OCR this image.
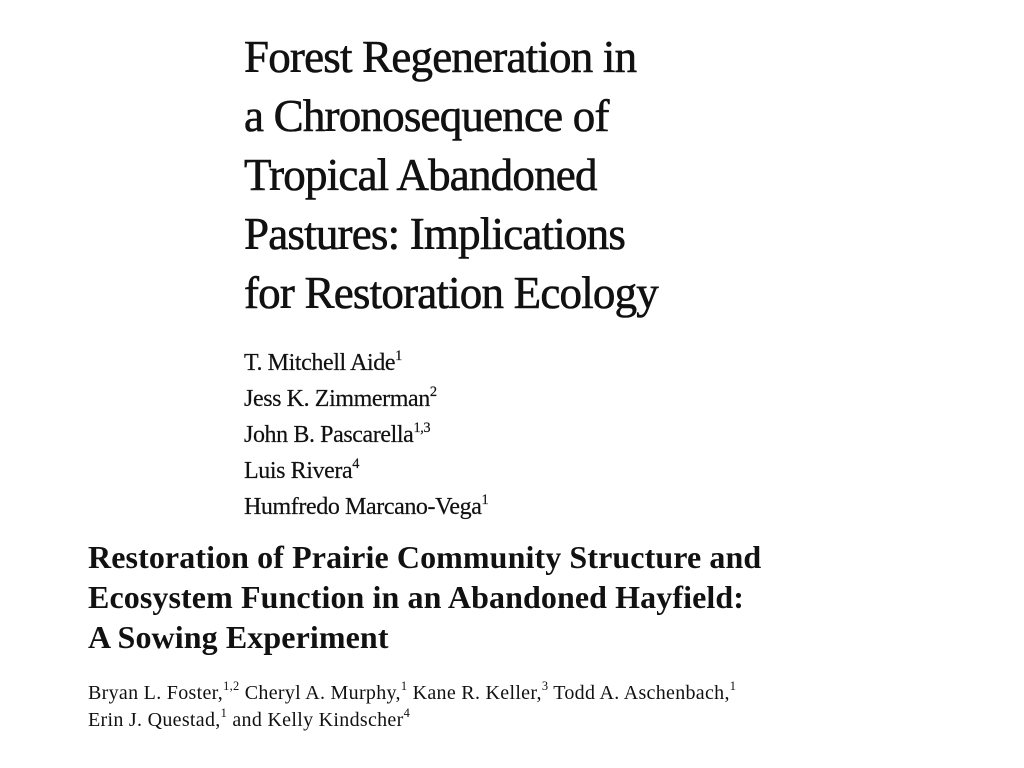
Forest Regeneration in
a Chronosequence of
Tropical Abandoned
Pastures: Implications
for Restoration Ecology
T. Mitchell Aide$^1$
Jess K. Zimmerman$^2$
John B. Pascarella$^{1,3}$
Luis Rivera$^4$
Humfredo Marcano-Vega$^1$
Restoration of Prairie Community Structure and
Ecosystem Function in an Abandoned Hayfield:
A Sowing Experiment
Bryan L. Foster,$^{1,2}$ Cheryl A. Murphy,$^1$ Kane R. Keller,$^3$ Todd A. Aschenbach,$^1$
Erin J. Questad,$^1$ and Kelly Kindscher$^4$
